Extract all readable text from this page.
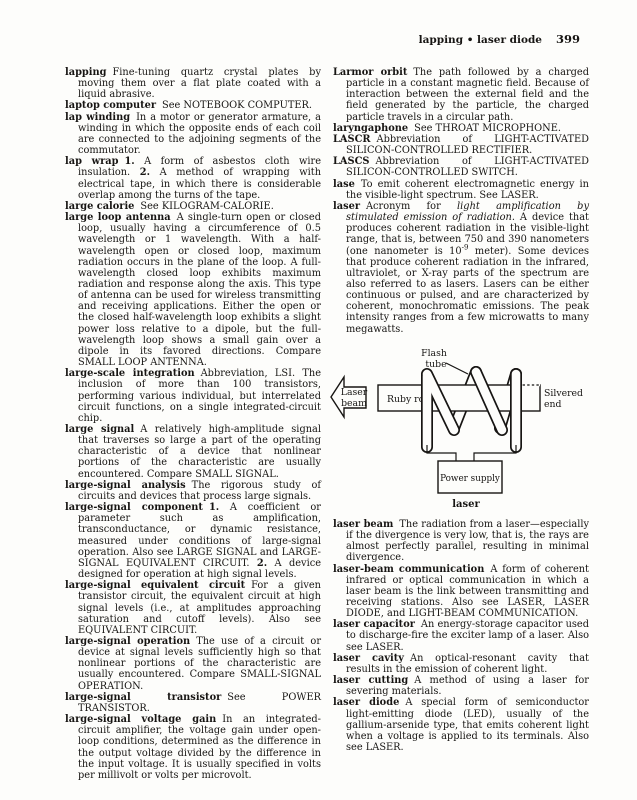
lapping • laser diode 399
lapping Fine-tuning quartz crystal plates by moving them over a flat plate coated with a liquid abrasive.
laptop computer See NOTEBOOK COMPUTER.
lap winding In a motor or generator armature, a winding in which the opposite ends of each coil are connected to the adjoining segments of the commutator.
lap wrap 1. A form of asbestos cloth wire insulation. 2. A method of wrapping with electrical tape, in which there is considerable overlap among the turns of the tape.
large calorie See KILOGRAM-CALORIE.
large loop antenna A single-turn open or closed loop, usually having a circumference of 0.5 wavelength or 1 wavelength. With a half-wavelength open or closed loop, maximum radiation occurs in the plane of the loop. A full-wavelength closed loop exhibits maximum radiation and response along the axis. This type of antenna can be used for wireless transmitting and receiving applications. Either the open or the closed half-wavelength loop exhibits a slight power loss relative to a dipole, but the full-wavelength loop shows a small gain over a dipole in its favored directions. Compare SMALL LOOP ANTENNA.
large-scale integration Abbreviation, LSI. The inclusion of more than 100 transistors, performing various individual, but interrelated circuit functions, on a single integrated-circuit chip.
large signal A relatively high-amplitude signal that traverses so large a part of the operating characteristic of a device that nonlinear portions of the characteristic are usually encountered. Compare SMALL SIGNAL.
large-signal analysis The rigorous study of circuits and devices that process large signals.
large-signal component 1. A coefficient or parameter such as amplification, transconductance, or dynamic resistance, measured under conditions of large-signal operation. Also see LARGE SIGNAL and LARGE-SIGNAL EQUIVALENT CIRCUIT. 2. A device designed for operation at high signal levels.
large-signal equivalent circuit For a given transistor circuit, the equivalent circuit at high signal levels (i.e., at amplitudes approaching saturation and cutoff levels). Also see EQUIVALENT CIRCUIT.
large-signal operation The use of a circuit or device at signal levels sufficiently high so that nonlinear portions of the characteristic are usually encountered. Compare SMALL-SIGNAL OPERATION.
large-signal transistor See POWER TRANSISTOR.
large-signal voltage gain In an integrated-circuit amplifier, the voltage gain under open-loop conditions, determined as the difference in the output voltage divided by the difference in the input voltage. It is usually specified in volts per millivolt or volts per microvolt.
Larmor orbit The path followed by a charged particle in a constant magnetic field. Because of interaction between the external field and the field generated by the particle, the charged particle travels in a circular path.
laryngaphone See THROAT MICROPHONE.
LASCR Abbreviation of LIGHT-ACTIVATED SILICON-CONTROLLED RECTIFIER.
LASCS Abbreviation of LIGHT-ACTIVATED SILICON-CONTROLLED SWITCH.
lase To emit coherent electromagnetic energy in the visible-light spectrum. See LASER.
laser Acronym for light amplification by stimulated emission of radiation. A device that produces coherent radiation in the visible-light range, that is, between 750 and 390 nanometers (one nanometer is $10^{-9}$ meter). Some devices that produce coherent radiation in the infrared, ultraviolet, or X-ray parts of the spectrum are also referred to as lasers. Lasers can be either continuous or pulsed, and are characterized by coherent, monochromatic emissions. The peak intensity ranges from a few microwatts to many megawatts.
Flash
tube
Ruby rod
Laser
beam
Silvered
end
Power supply
laser
laser beam The radiation from a laser—especially if the divergence is very low, that is, the rays are almost perfectly parallel, resulting in minimal divergence.
laser-beam communication A form of coherent infrared or optical communication in which a laser beam is the link between transmitting and receiving stations. Also see LASER, LASER DIODE, and LIGHT-BEAM COMMUNICATION.
laser capacitor An energy-storage capacitor used to discharge-fire the exciter lamp of a laser. Also see LASER.
laser cavity An optical-resonant cavity that results in the emission of coherent light.
laser cutting A method of using a laser for severing materials.
laser diode A special form of semiconductor light-emitting diode (LED), usually of the gallium-arsenide type, that emits coherent light when a voltage is applied to its terminals. Also see LASER.
